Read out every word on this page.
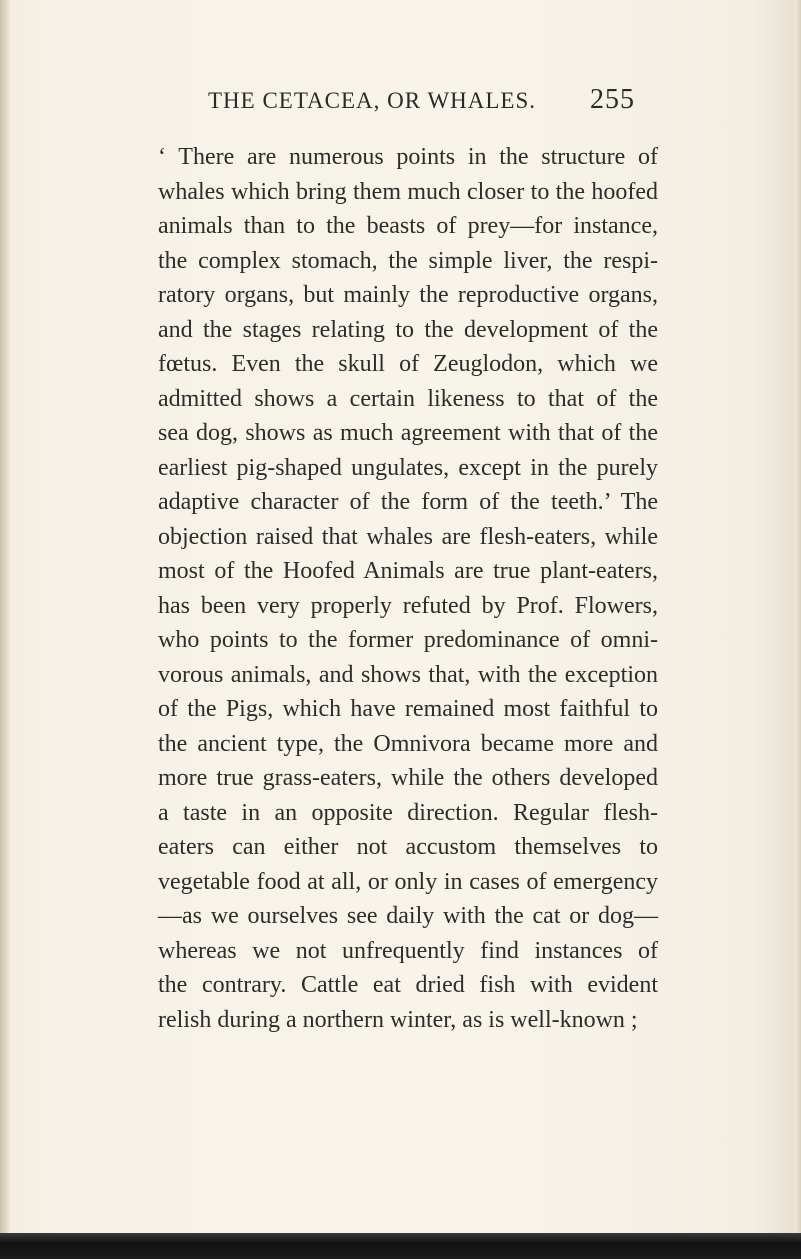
THE CETACEA, OR WHALES. 255
‘ There are numerous points in the structure of
whales which bring them much closer to the hoofed
animals than to the beasts of prey—for instance,
the complex stomach, the simple liver, the respi-
ratory organs, but mainly the reproductive organs,
and the stages relating to the development of the
fœtus. Even the skull of Zeuglodon, which we
admitted shows a certain likeness to that of the
sea dog, shows as much agreement with that of the
earliest pig-shaped ungulates, except in the purely
adaptive character of the form of the teeth.’ The
objection raised that whales are flesh-eaters, while
most of the Hoofed Animals are true plant-eaters,
has been very properly refuted by Prof. Flowers,
who points to the former predominance of omni-
vorous animals, and shows that, with the exception
of the Pigs, which have remained most faithful to
the ancient type, the Omnivora became more and
more true grass-eaters, while the others developed
a taste in an opposite direction. Regular flesh-
eaters can either not accustom themselves to
vegetable food at all, or only in cases of emergency
—as we ourselves see daily with the cat or dog—
whereas we not unfrequently find instances of
the contrary. Cattle eat dried fish with evident
relish during a northern winter, as is well-known ;
